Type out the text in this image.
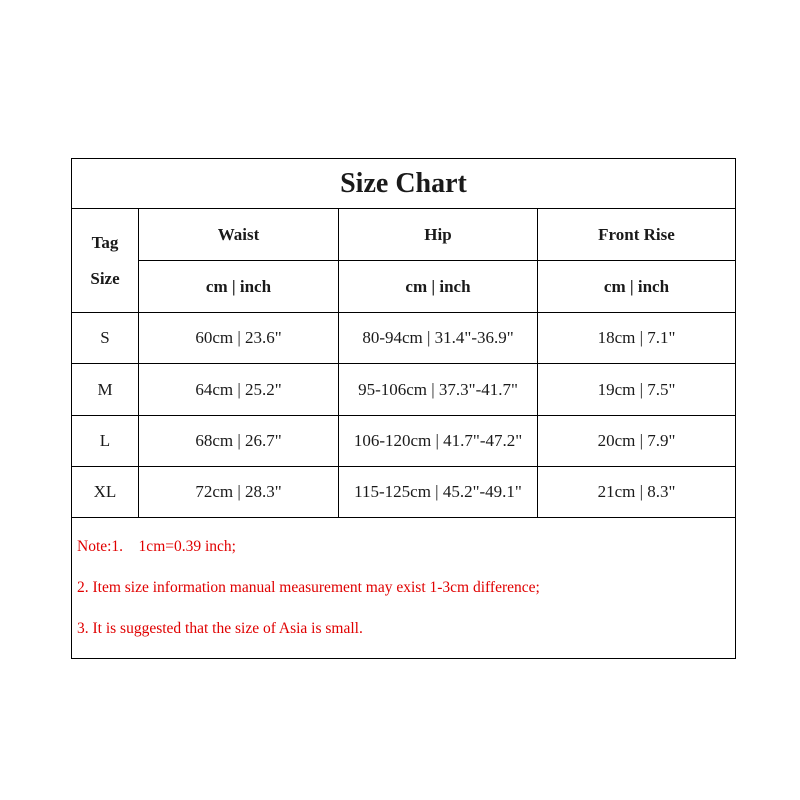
Size Chart
Tag
Size
Waist	Hip	Front Rise
cm | inch	cm | inch	cm | inch
S	60cm | 23.6"	80-94cm | 31.4"-36.9"	18cm | 7.1"
M	64cm | 25.2"	95-106cm | 37.3"-41.7"	19cm | 7.5"
L	68cm | 26.7"	106-120cm | 41.7"-47.2"	20cm | 7.9"
XL	72cm | 28.3"	115-125cm | 45.2"-49.1"	21cm | 8.3"
Note:1.    1cm=0.39 inch;
2. Item size information manual measurement may exist 1-3cm difference;
3. It is suggested that the size of Asia is small.
